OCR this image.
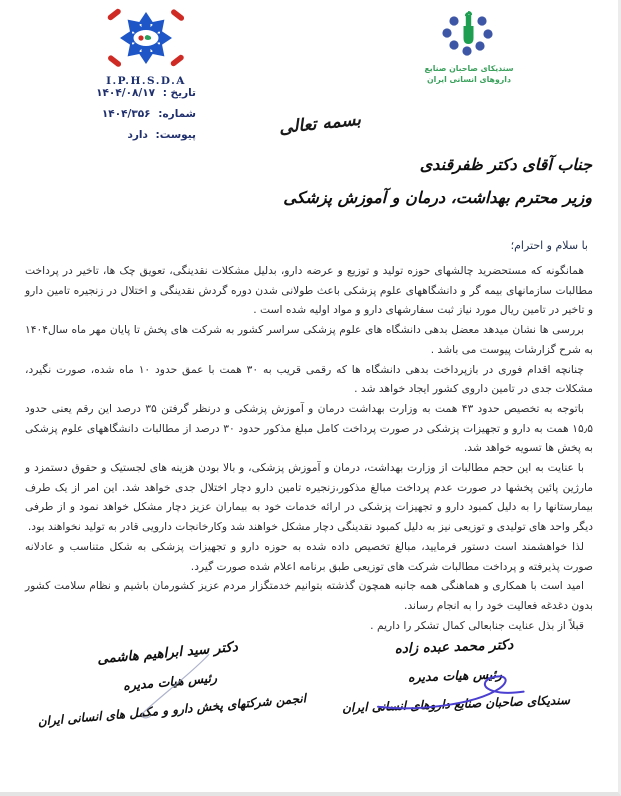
I.P.H.S.D.A
سندیکای صاحبان صنایع
داروهای انسانی ایران
تاریخ : ۱۴۰۴/۰۸/۱۷
شماره: ۱۴۰۴/۳۵۶
پیوست: دارد	بسمه تعالی
جناب آقای دکتر ظفرقندی
وزیر محترم بهداشت، درمان و آموزش پزشکی
با سلام و احترام؛

همانگونه که مستحضرید چالشهای حوزه تولید و توزیع و عرضه دارو، بدلیل مشکلات نقدینگی، تعویق چک ها، تاخیر در پرداخت مطالبات سازمانهای بیمه گر و دانشگاههای علوم پزشکی باعث طولانی شدن دوره گردش نقدینگی و اختلال در زنجیره تامین دارو و تاخیر در تامین ریال مورد نیاز ثبت سفارشهای دارو و مواد اولیه شده است .

بررسی ها نشان میدهد معضل بدهی دانشگاه های علوم پزشکی سراسر کشور به شرکت های پخش تا پایان مهر ماه سال۱۴۰۴ به شرح گزارشات پیوست می باشد .

چنانچه اقدام فوری در بازپرداخت بدهی دانشگاه ها که رقمی قریب به ۳۰ همت با عمق حدود ۱۰ ماه شده، صورت نگیرد، مشکلات جدی در تامین داروی کشور ایجاد خواهد شد .

باتوجه به تخصیص حدود ۴۳ همت به وزارت بهداشت درمان و آموزش پزشکی و درنظر گرفتن ۳۵ درصد این رقم یعنی حدود ۱۵٫۵ همت به دارو و تجهیزات پزشکی در صورت پرداخت کامل مبلغ مذکور حدود ۳۰ درصد از مطالبات دانشگاههای علوم پزشکی به پخش ها تسویه خواهد شد.

با عنایت به این حجم مطالبات از وزارت بهداشت، درمان و آموزش پزشکی، و بالا بودن هزینه های لجستیک و حقوق دستمزد و مارژین پائین پخشها در صورت عدم پرداخت مبالغ مذکور،زنجیره تامین دارو دچار اختلال جدی خواهد شد. این امر از یک طرف بیمارستانها را به دلیل کمبود دارو و تجهیزات پزشکی در ارائه خدمات خود به بیماران عزیز دچار مشکل خواهد نمود و از طرفی دیگر واحد های تولیدی و توزیعی نیز به دلیل کمبود نقدینگی دچار مشکل خواهند شد وکارخانجات دارویی قادر به تولید نخواهند بود.

لذا خواهشمند است دستور فرمایید، مبالغ تخصیص داده شده به حوزه دارو و تجهیزات پزشکی به شکل متناسب و عادلانه صورت پذیرفته و پرداخت مطالبات شرکت های توزیعی طبق برنامه اعلام شده صورت گیرد.

امید است با همکاری و هماهنگی همه جانبه همچون گذشته بتوانیم خدمتگزار مردم عزیز کشورمان باشیم و نظام سلامت کشور بدون دغدغه فعالیت خود را به انجام رساند.

قبلاً از بذل عنایت جنابعالی کمال تشکر را داریم .

دکتر محمد عبده زاده
رئیس هیات مدیره
سندیکای صاحبان صنایع داروهای انسانی ایران
دکتر سید ابراهیم هاشمی
رئیس هیات مدیره
انجمن شرکتهای پخش دارو و مکمل های انسانی ایران
